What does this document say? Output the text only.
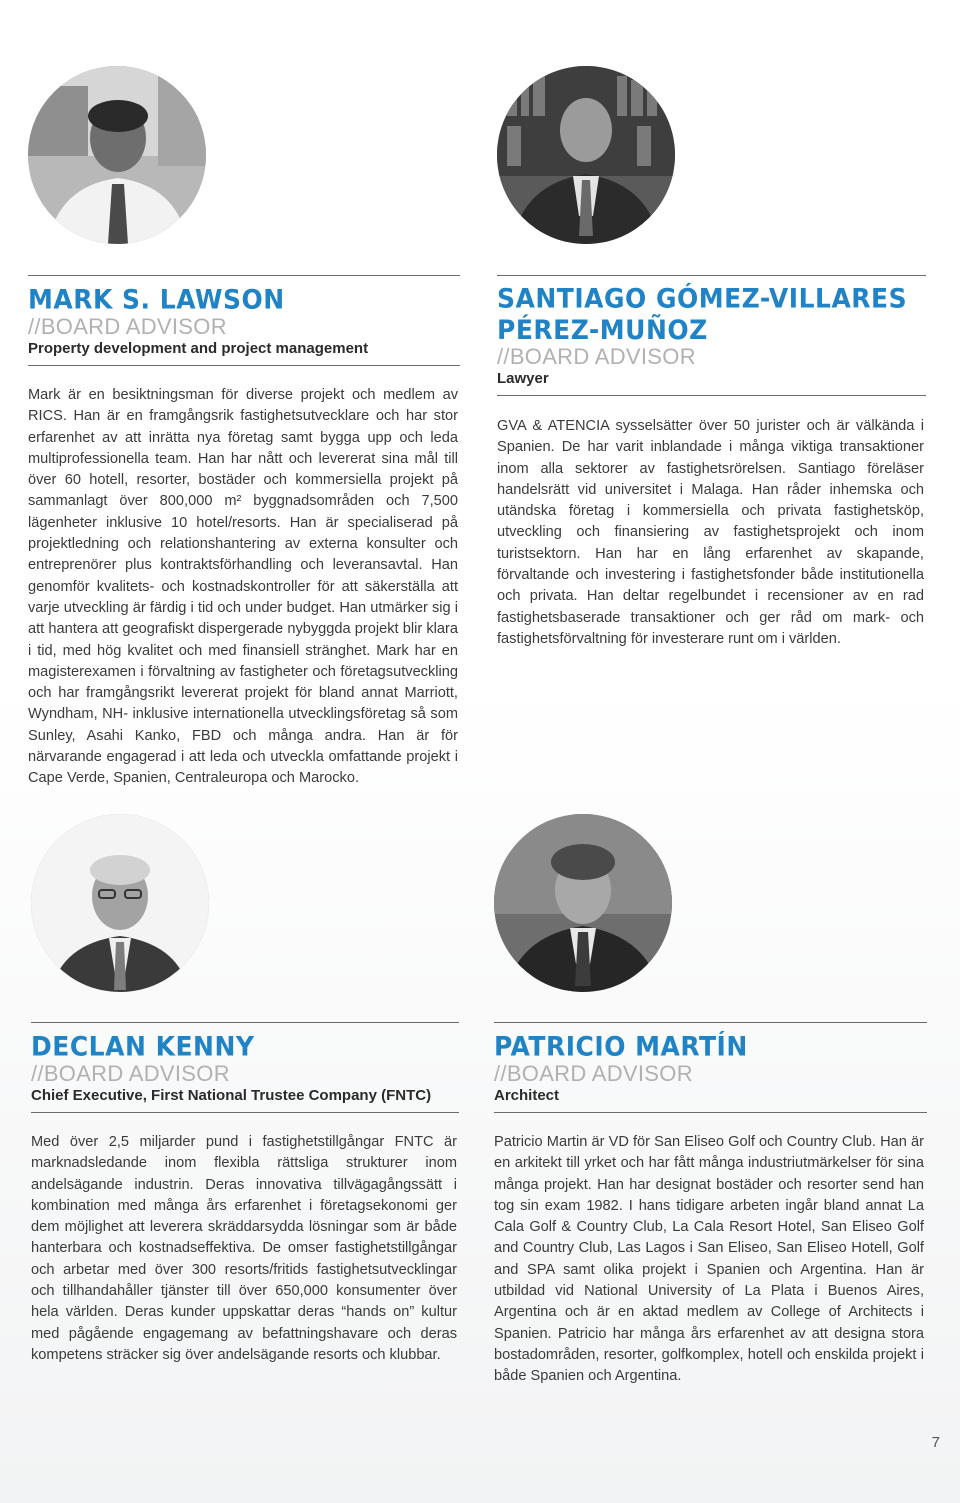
MARK S. LAWSON
//BOARD ADVISOR
Property development and project management
Mark är en besiktningsman för diverse projekt och medlem av RICS. Han är en framgångsrik fastighetsutvecklare och har stor erfarenhet av att inrätta nya företag samt bygga upp och leda multiprofessionella team. Han har nått och levererat sina mål till över 60 hotell, resorter, bostäder och kommersiella projekt på sammanlagt över 800,000 m² byggnadsområden och 7,500 lägenheter inklusive 10 hotel/resorts. Han är specialiserad på projektledning och relationshantering av externa konsulter och entreprenörer plus kontraktsförhandling och leveransavtal. Han genomför kvalitets- och kostnadskontroller för att säkerställa att varje utveckling är färdig i tid och under budget. Han utmärker sig i att hantera att geografiskt dispergerade nybyggda projekt blir klara i tid, med hög kvalitet och med finansiell stränghet. Mark har en magisterexamen i förvaltning av fastigheter och företagsutveckling och har framgångsrikt levererat projekt för bland annat Marriott, Wyndham, NH- inklusive internationella utvecklingsföretag så som Sunley, Asahi Kanko, FBD och många andra. Han är för närvarande engagerad i att leda och utveckla omfattande projekt i Cape Verde, Spanien, Centraleuropa och Marocko.
SANTIAGO GÓMEZ-VILLARES PÉREZ-MUÑOZ
//BOARD ADVISOR
Lawyer
GVA & ATENCIA sysselsätter över 50 jurister och är välkända i Spanien. De har varit inblandade i många viktiga transaktioner inom alla sektorer av fastighetsrörelsen. Santiago föreläser handelsrätt vid universitet i Malaga. Han råder inhemska och utändska företag i kommersiella och privata fastighetsköp, utveckling och finansiering av fastighetsprojekt och inom turistsektorn. Han har en lång erfarenhet av skapande, förvaltande och investering i fastighetsfonder både institutionella och privata. Han deltar regelbundet i recensioner av en rad fastighetsbaserade transaktioner och ger råd om mark- och fastighetsförvaltning för investerare runt om i världen.
DECLAN KENNY
//BOARD ADVISOR
Chief Executive, First National Trustee Company (FNTC)
Med över 2,5 miljarder pund i fastighetstillgångar FNTC är marknadsledande inom flexibla rättsliga strukturer inom andelsägande industrin. Deras innovativa tillvägagångssätt i kombination med många års erfarenhet i företagsekonomi ger dem möjlighet att leverera skräddarsydda lösningar som är både hanterbara och kostnadseffektiva. De omser fastighetstillgångar och arbetar med över 300 resorts/fritids fastighetsutvecklingar och tillhandahåller tjänster till över 650,000 konsumenter över hela världen. Deras kunder uppskattar deras “hands on” kultur med pågående engagemang av befattningshavare och deras kompetens sträcker sig över andelsägande resorts och klubbar.
PATRICIO MARTÍN
//BOARD ADVISOR
Architect
Patricio Martin är VD för San Eliseo Golf och Country Club. Han är en arkitekt till yrket och har fått många industriutmärkelser för sina många projekt. Han har designat bostäder och resorter send han tog sin exam 1982. I hans tidigare arbeten ingår bland annat La Cala Golf & Country Club, La Cala Resort Hotel, San Eliseo Golf and Country Club, Las Lagos i San Eliseo, San Eliseo Hotell, Golf and SPA samt olika projekt i Spanien och Argentina. Han är utbildad vid National University of La Plata i Buenos Aires, Argentina och är en aktad medlem av College of Architects i Spanien. Patricio har många års erfarenhet av att designa stora bostadområden, resorter, golfkomplex, hotell och enskilda projekt i både Spanien och Argentina.
7
